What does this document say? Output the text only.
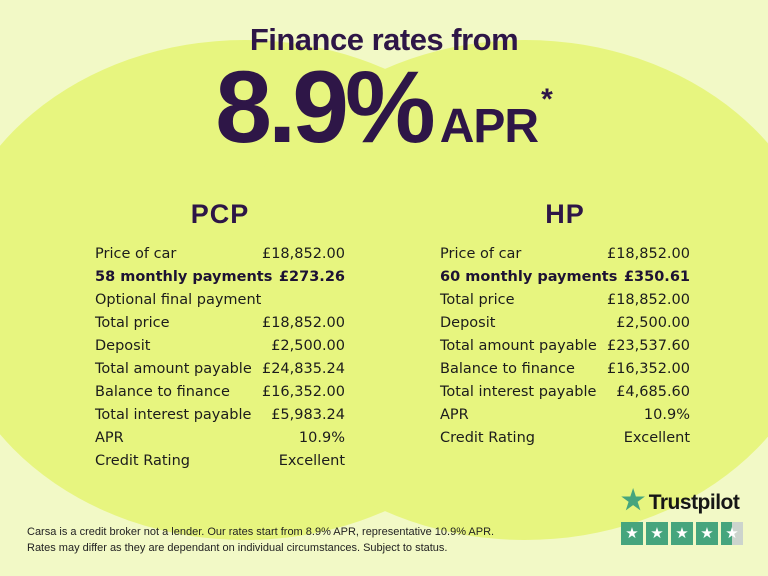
Finance rates from
8.9% APR
*
PCP
Price of car	£18,852.00
58 monthly payments £273.26
Optional final payment
Total price	£18,852.00
Deposit	£2,500.00
Total amount payable £24,835.24
Balance to finance £16,352.00
Total interest payable £5,983.24
APR	10.9%
Credit Rating	Excellent
HP
Price of car	£18,852.00
60 monthly payments £350.61
Total price	£18,852.00
Deposit	£2,500.00
Total amount payable £23,537.60
Balance to finance £16,352.00
Total interest payable £4,685.60
APR	10.9%
Credit Rating	Excellent
Carsa is a credit broker not a lender. Our rates start from 8.9% APR, representative 10.9% APR.
Rates may differ as they are dependant on individual circumstances. Subject to status.
★ Trustpilot
★ ★ ★ ★ ★
